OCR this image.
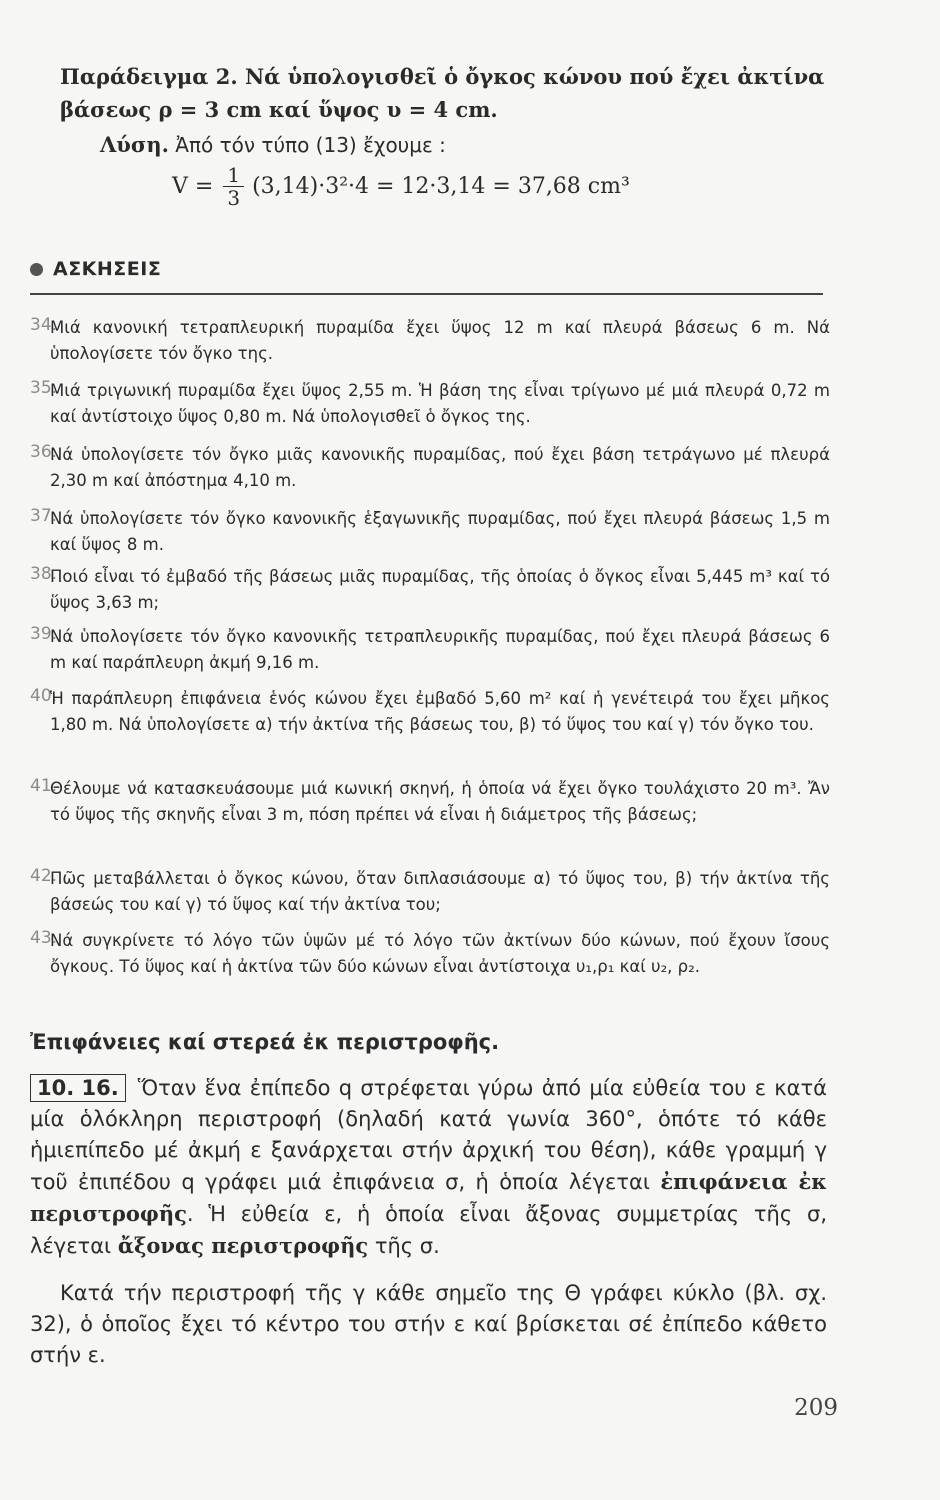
Παράδειγμα 2. Νά ὑπολογισθεῖ ὁ ὄγκος κώνου πού ἔχει ἀκτίνα βάσεως ρ = 3 cm καί ὕψος υ = 4 cm.
Λύση. Ἀπό τόν τύπο (13) ἔχουμε :
$V = \frac{1}{3} (3,14)\cdot 3^2\cdot 4 = 12\cdot 3,14 = 37,68$ cm³
ΑΣΚΗΣΕΙΣ
34.
Μιά κανονική τετραπλευρική πυραμίδα ἔχει ὕψος 12 m καί πλευρά βάσεως 6 m. Νά ὑπολογίσετε τόν ὄγκο της.
35.
Μιά τριγωνική πυραμίδα ἔχει ὕψος 2,55 m. Ἡ βάση της εἶναι τρίγωνο μέ μιά πλευρά 0,72 m καί ἀντίστοιχο ὕψος 0,80 m. Νά ὑπολογισθεῖ ὁ ὄγκος της.
36.
Νά ὑπολογίσετε τόν ὄγκο μιᾶς κανονικῆς πυραμίδας, πού ἔχει βάση τετράγωνο μέ πλευρά 2,30 m καί ἀπόστημα 4,10 m.
37.
Νά ὑπολογίσετε τόν ὄγκο κανονικῆς ἑξαγωνικῆς πυραμίδας, πού ἔχει πλευρά βάσεως 1,5 m καί ὕψος 8 m.
38.
Ποιό εἶναι τό ἐμβαδό τῆς βάσεως μιᾶς πυραμίδας, τῆς ὁποίας ὁ ὄγκος εἶναι 5,445 m³ καί τό ὕψος 3,63 m;
39.
Νά ὑπολογίσετε τόν ὄγκο κανονικῆς τετραπλευρικῆς πυραμίδας, πού ἔχει πλευρά βάσεως 6 m καί παράπλευρη ἀκμή 9,16 m.
40.
Ἡ παράπλευρη ἐπιφάνεια ἑνός κώνου ἔχει ἐμβαδό 5,60 m² καί ἡ γενέτειρά του ἔχει μῆκος 1,80 m. Νά ὑπολογίσετε α) τήν ἀκτίνα τῆς βάσεως του, β) τό ὕψος του καί γ) τόν ὄγκο του.
41.
Θέλουμε νά κατασκευάσουμε μιά κωνική σκηνή, ἡ ὁποία νά ἔχει ὄγκο τουλάχιστο 20 m³. Ἄν τό ὕψος τῆς σκηνῆς εἶναι 3 m, πόση πρέπει νά εἶναι ἡ διάμετρος τῆς βάσεως;
42.
Πῶς μεταβάλλεται ὁ ὄγκος κώνου, ὅταν διπλασιάσουμε α) τό ὕψος του, β) τήν ἀκτίνα τῆς βάσεώς του καί γ) τό ὕψος καί τήν ἀκτίνα του;
43.
Νά συγκρίνετε τό λόγο τῶν ὑψῶν μέ τό λόγο τῶν ἀκτίνων δύο κώνων, πού ἔχουν ἴσους ὄγκους. Τό ὕψος καί ἡ ἀκτίνα τῶν δύο κώνων εἶναι ἀντίστοιχα υ₁,ρ₁ καί υ₂, ρ₂.
Ἐπιφάνειες καί στερεά ἐκ περιστροφῆς.

10. 16. Ὅταν ἕνα ἐπίπεδο q στρέφεται γύρω ἀπό μία εὐθεία του ε κατά μία ὁλόκληρη περιστροφή (δηλαδή κατά γωνία 360°, ὁπότε τό κάθε ἡμιεπίπεδο μέ ἀκμή ε ξανάρχεται στήν ἀρχική του θέση), κάθε γραμμή γ τοῦ ἐπιπέδου q γράφει μιά ἐπιφάνεια σ, ἡ ὁποία λέγεται ἐπιφάνεια ἐκ περιστροφῆς. Ἡ εὐθεία ε, ἡ ὁποία εἶναι ἄξονας συμμετρίας τῆς σ, λέγεται ἄξονας περιστροφῆς τῆς σ.

Κατά τήν περιστροφή τῆς γ κάθε σημεῖο της Θ γράφει κύκλο (βλ. σχ. 32), ὁ ὁποῖος ἔχει τό κέντρο του στήν ε καί βρίσκεται σέ ἐπίπεδο κάθετο στήν ε.

209
